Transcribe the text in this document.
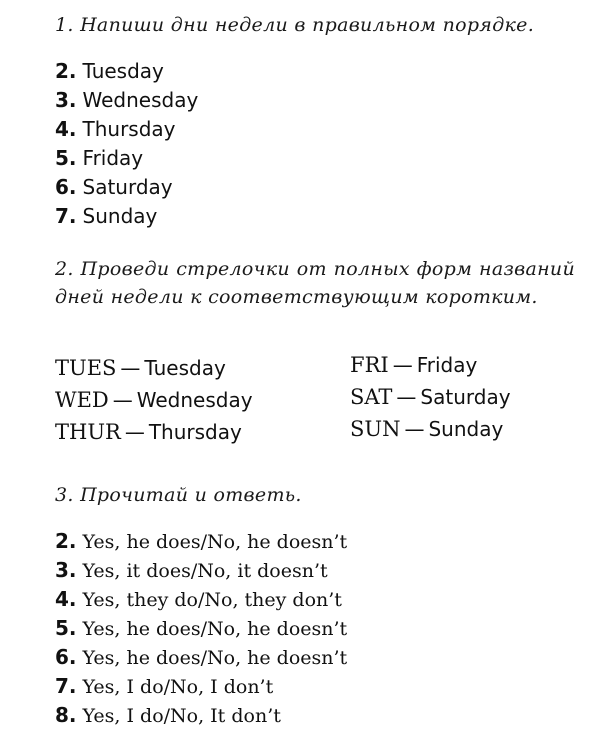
1. Напиши дни недели в правильном порядке.
2. Tuesday
3. Wednesday
4. Thursday
5. Friday
6. Saturday
7. Sunday
2. Проведи стрелочки от полных форм названий дней недели к соответствующим коротким.
TUES — Tuesday
WED — Wednesday
THUR — Thursday
FRI — Friday
SAT — Saturday
SUN — Sunday
3. Прочитай и ответь.
2. Yes, he does/No, he doesn’t
3. Yes, it does/No, it doesn’t
4. Yes, they do/No, they don’t
5. Yes, he does/No, he doesn’t
6. Yes, he does/No, he doesn’t
7. Yes, I do/No, I don’t
8. Yes, I do/No, It don’t
